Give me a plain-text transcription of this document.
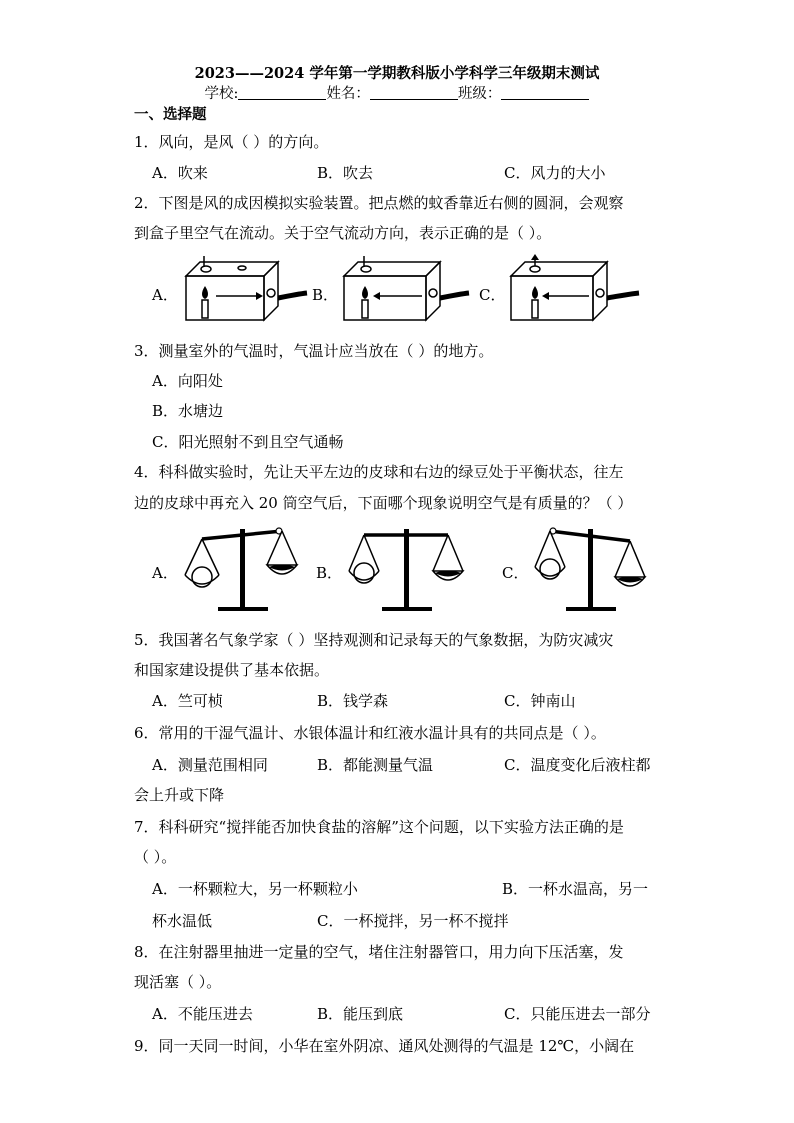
2023——2024 学年第一学期教科版小学科学三年级期末测试
学校:	姓名：	班级：
一、选择题
1．风向，是风（ ）的方向。
A．吹来	B．吹去	C．风力的大小
2．下图是风的成因模拟实验装置。把点燃的蚊香靠近右侧的圆洞，会观察
到盒子里空气在流动。关于空气流动方向，表示正确的是（ ）。
A．	B．	C．
3．测量室外的气温时，气温计应当放在（ ）的地方。
A．向阳处
B．水塘边
C．阳光照射不到且空气通畅
4．科科做实验时，先让天平左边的皮球和右边的绿豆处于平衡状态，往左
边的皮球中再充入 20 筒空气后，下面哪个现象说明空气是有质量的？（ ）
A．	B．	C．
5．我国著名气象学家（ ）坚持观测和记录每天的气象数据，为防灾减灾
和国家建设提供了基本依据。
A．竺可桢	B．钱学森	C．钟南山
6．常用的干湿气温计、水银体温计和红液水温计具有的共同点是（ ）。
A．测量范围相同	B．都能测量气温	C．温度变化后液柱都
会上升或下降
7．科科研究“搅拌能否加快食盐的溶解”这个问题，以下实验方法正确的是
（ ）。
A．一杯颗粒大，另一杯颗粒小	B．一杯水温高，另一
杯水温低	C．一杯搅拌，另一杯不搅拌
8．在注射器里抽进一定量的空气，堵住注射器管口，用力向下压活塞，发
现活塞（ ）。
A．不能压进去	B．能压到底	C．只能压进去一部分
9．同一天同一时间，小华在室外阴凉、通风处测得的气温是 12℃，小阔在
